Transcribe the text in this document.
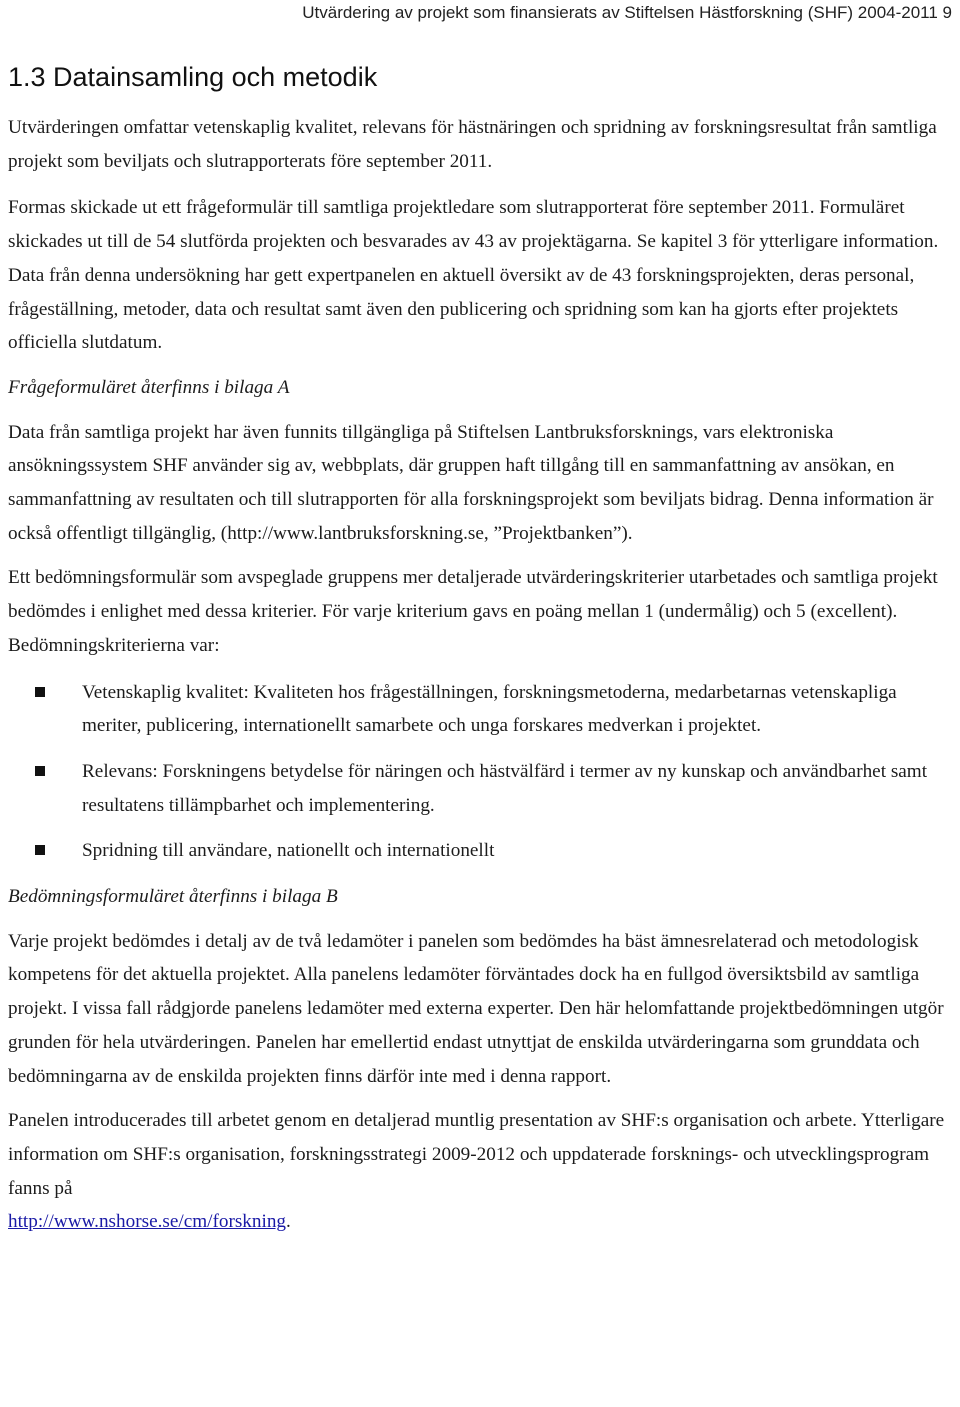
Utvärdering av projekt som finansierats av Stiftelsen Hästforskning (SHF) 2004-2011 9
1.3 Datainsamling och metodik

Utvärderingen omfattar vetenskaplig kvalitet, relevans för hästnäringen och spridning av forskningsresultat från samtliga projekt som beviljats och slutrapporterats före september 2011.

Formas skickade ut ett frågeformulär till samtliga projektledare som slutrapporterat före september 2011. Formuläret skickades ut till de 54 slutförda projekten och besvarades av 43 av projektägarna. Se kapitel 3 för ytterligare information. Data från denna undersökning har gett expertpanelen en aktuell översikt av de 43 forskningsprojekten, deras personal, frågeställning, metoder, data och resultat samt även den publicering och spridning som kan ha gjorts efter projektets officiella slutdatum.

Frågeformuläret återfinns i bilaga A

Data från samtliga projekt har även funnits tillgängliga på Stiftelsen Lantbruksforsknings, vars elektroniska ansökningssystem SHF använder sig av, webbplats, där gruppen haft tillgång till en sammanfattning av ansökan, en sammanfattning av resultaten och till slutrapporten för alla forskningsprojekt som beviljats bidrag. Denna information är också offentligt tillgänglig, (http://www.lantbruksforskning.se, ”Projektbanken”).

Ett bedömningsformulär som avspeglade gruppens mer detaljerade utvärderingskriterier utarbetades och samtliga projekt bedömdes i enlighet med dessa kriterier. För varje kriterium gavs en poäng mellan 1 (undermålig) och 5 (excellent). Bedömningskriterierna var:

Vetenskaplig kvalitet: Kvaliteten hos frågeställningen, forskningsmetoderna, medarbetarnas vetenskapliga meriter, publicering, internationellt samarbete och unga forskares medverkan i projektet.
Relevans: Forskningens betydelse för näringen och hästvälfärd i termer av ny kunskap och användbarhet samt resultatens tillämpbarhet och implementering.
Spridning till användare, nationellt och internationellt

Bedömningsformuläret återfinns i bilaga B

Varje projekt bedömdes i detalj av de två ledamöter i panelen som bedömdes ha bäst ämnesrelaterad och metodologisk kompetens för det aktuella projektet. Alla panelens ledamöter förväntades dock ha en fullgod översiktsbild av samtliga projekt. I vissa fall rådgjorde panelens ledamöter med externa experter. Den här helomfattande projektbedömningen utgör grunden för hela utvärderingen. Panelen har emellertid endast utnyttjat de enskilda utvärderingarna som grunddata och bedömningarna av de enskilda projekten finns därför inte med i denna rapport.

Panelen introducerades till arbetet genom en detaljerad muntlig presentation av SHF:s organisation och arbete. Ytterligare information om SHF:s organisation, forskningsstrategi 2009-2012 och uppdaterade forsknings- och utvecklingsprogram fanns på
http://www.nshorse.se/cm/forskning.
